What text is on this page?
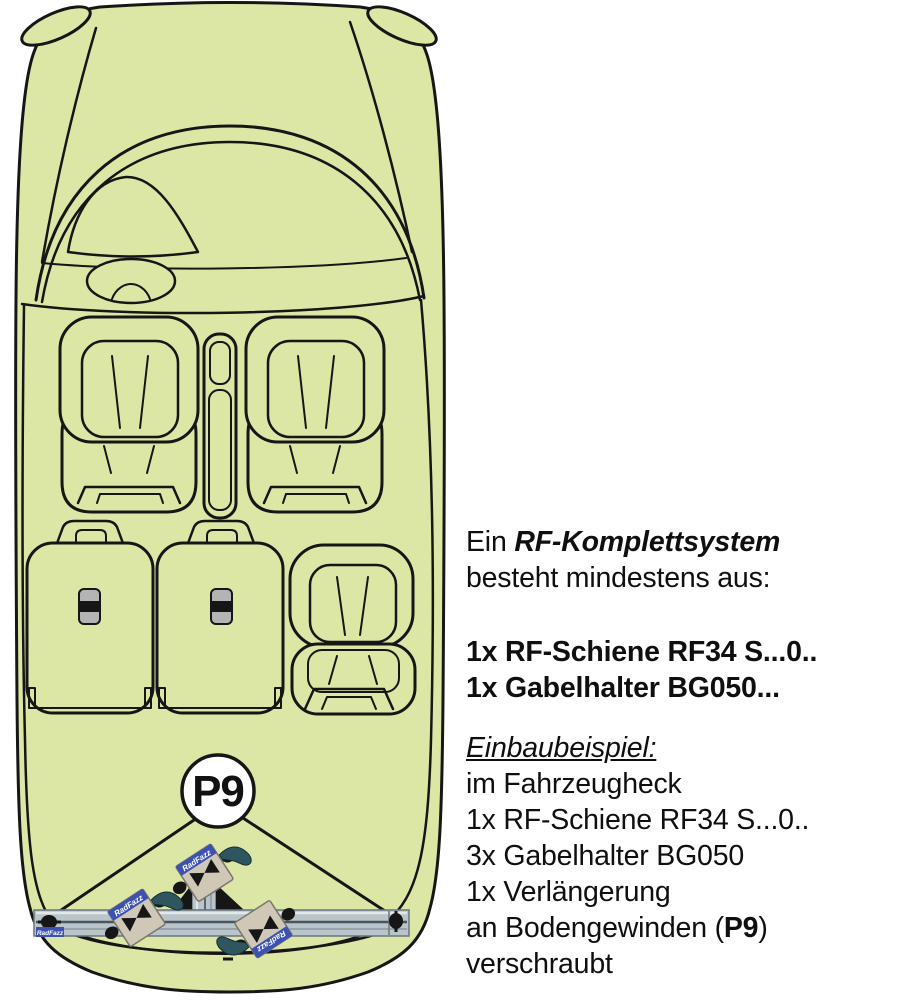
P9
RadFazz
Ein RF-Komplettsystem
besteht mindestens aus:
1x RF-Schiene RF34 S...0..
1x Gabelhalter BG050...
Einbaubeispiel:
im Fahrzeugheck
1x RF-Schiene RF34 S...0..
3x Gabelhalter BG050
1x Verlängerung
an Bodengewinden (P9)
verschraubt
